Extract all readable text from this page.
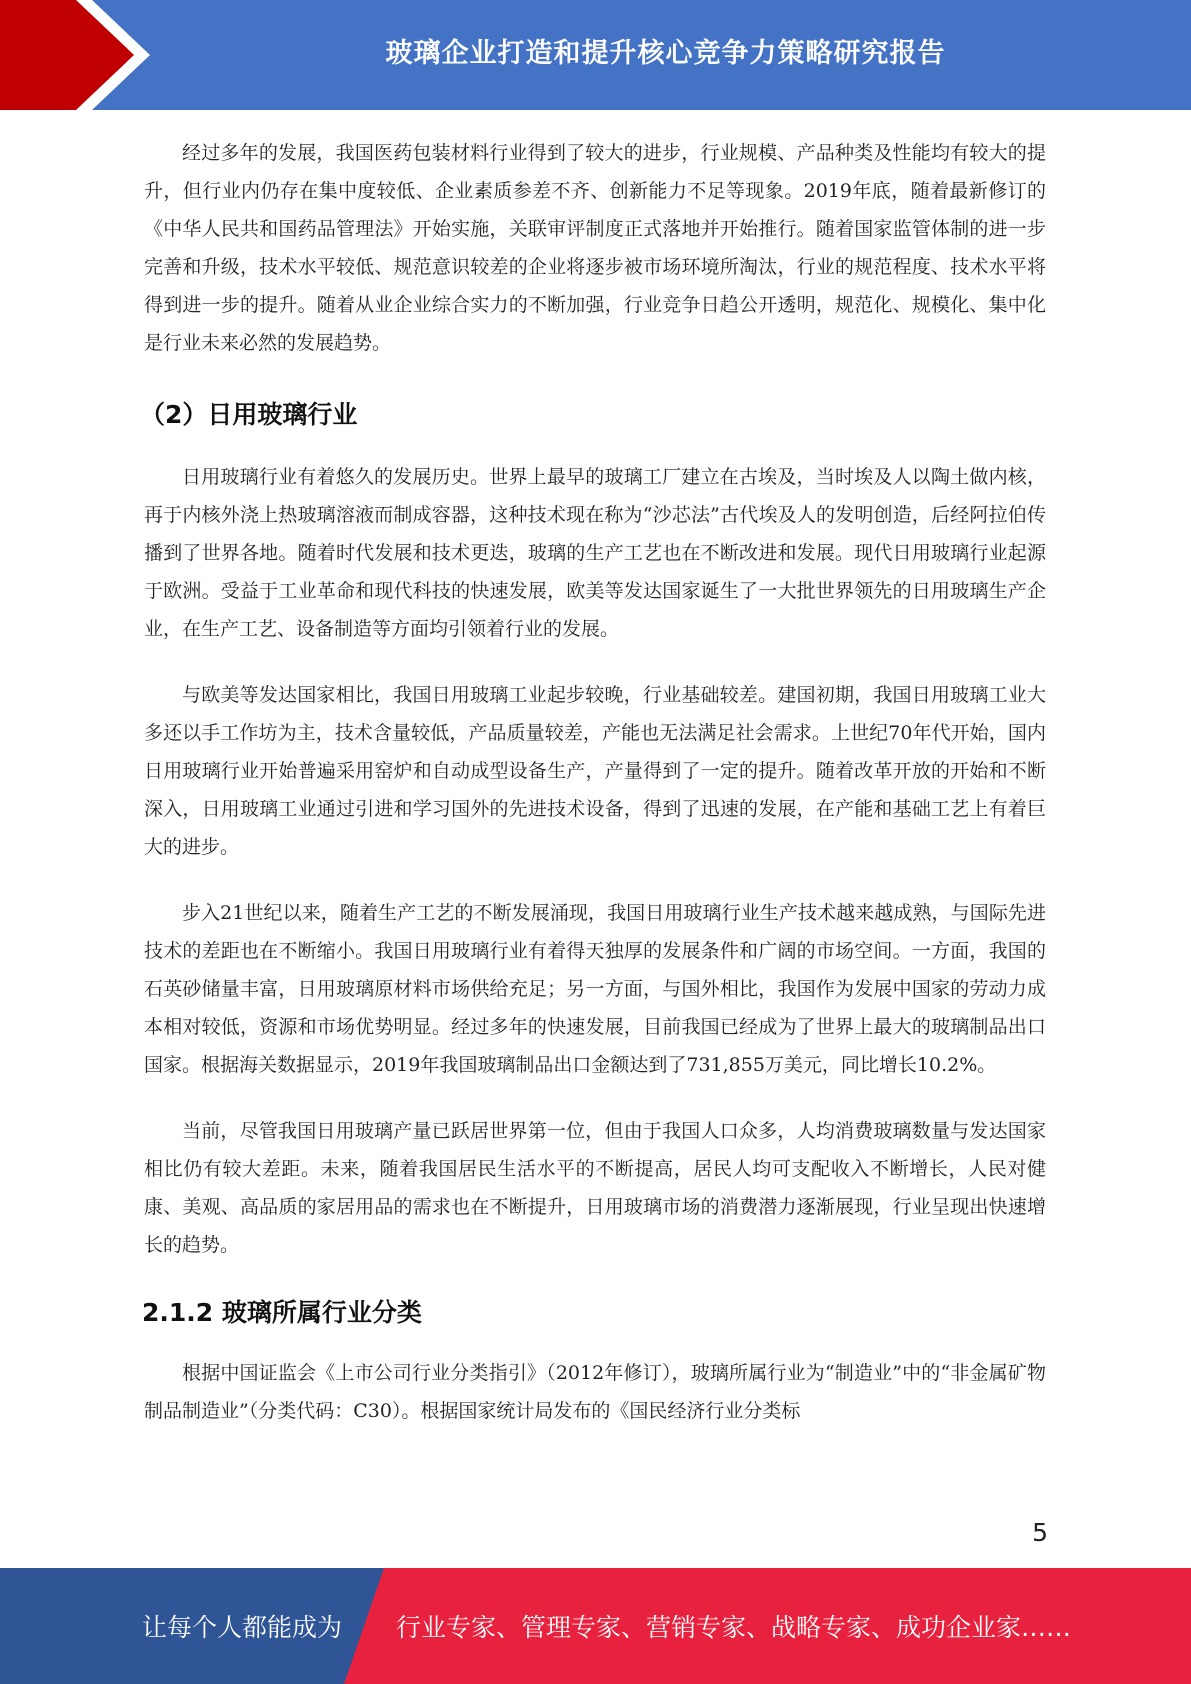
玻璃企业打造和提升核心竞争力策略研究报告

经过多年的发展，我国医药包装材料行业得到了较大的进步，行业规模、产品种类及性能均有较大的提升，但行业内仍存在集中度较低、企业素质参差不齐、创新能力不足等现象。2019年底，随着最新修订的《中华人民共和国药品管理法》开始实施，关联审评制度正式落地并开始推行。随着国家监管体制的进一步完善和升级，技术水平较低、规范意识较差的企业将逐步被市场环境所淘汰，行业的规范程度、技术水平将得到进一步的提升。随着从业企业综合实力的不断加强，行业竞争日趋公开透明，规范化、规模化、集中化是行业未来必然的发展趋势。

（2）日用玻璃行业

日用玻璃行业有着悠久的发展历史。世界上最早的玻璃工厂建立在古埃及，当时埃及人以陶土做内核，再于内核外浇上热玻璃溶液而制成容器，这种技术现在称为“沙芯法”古代埃及人的发明创造，后经阿拉伯传播到了世界各地。随着时代发展和技术更迭，玻璃的生产工艺也在不断改进和发展。现代日用玻璃行业起源于欧洲。受益于工业革命和现代科技的快速发展，欧美等发达国家诞生了一大批世界领先的日用玻璃生产企业，在生产工艺、设备制造等方面均引领着行业的发展。

与欧美等发达国家相比，我国日用玻璃工业起步较晚，行业基础较差。建国初期，我国日用玻璃工业大多还以手工作坊为主，技术含量较低，产品质量较差，产能也无法满足社会需求。上世纪70年代开始，国内日用玻璃行业开始普遍采用窑炉和自动成型设备生产，产量得到了一定的提升。随着改革开放的开始和不断深入，日用玻璃工业通过引进和学习国外的先进技术设备，得到了迅速的发展，在产能和基础工艺上有着巨大的进步。

步入21世纪以来，随着生产工艺的不断发展涌现，我国日用玻璃行业生产技术越来越成熟，与国际先进技术的差距也在不断缩小。我国日用玻璃行业有着得天独厚的发展条件和广阔的市场空间。一方面，我国的石英砂储量丰富，日用玻璃原材料市场供给充足；另一方面，与国外相比，我国作为发展中国家的劳动力成本相对较低，资源和市场优势明显。经过多年的快速发展，目前我国已经成为了世界上最大的玻璃制品出口国家。根据海关数据显示，2019年我国玻璃制品出口金额达到了731,855万美元，同比增长10.2%。

当前，尽管我国日用玻璃产量已跃居世界第一位，但由于我国人口众多，人均消费玻璃数量与发达国家相比仍有较大差距。未来，随着我国居民生活水平的不断提高，居民人均可支配收入不断增长，人民对健康、美观、高品质的家居用品的需求也在不断提升，日用玻璃市场的消费潜力逐渐展现，行业呈现出快速增长的趋势。

2.1.2 玻璃所属行业分类

根据中国证监会《上市公司行业分类指引》（2012年修订），玻璃所属行业为“制造业”中的“非金属矿物制品制造业”（分类代码：C30）。根据国家统计局发布的《国民经济行业分类标

5
让每个人都能成为 行业专家、管理专家、营销专家、战略专家、成功企业家……
